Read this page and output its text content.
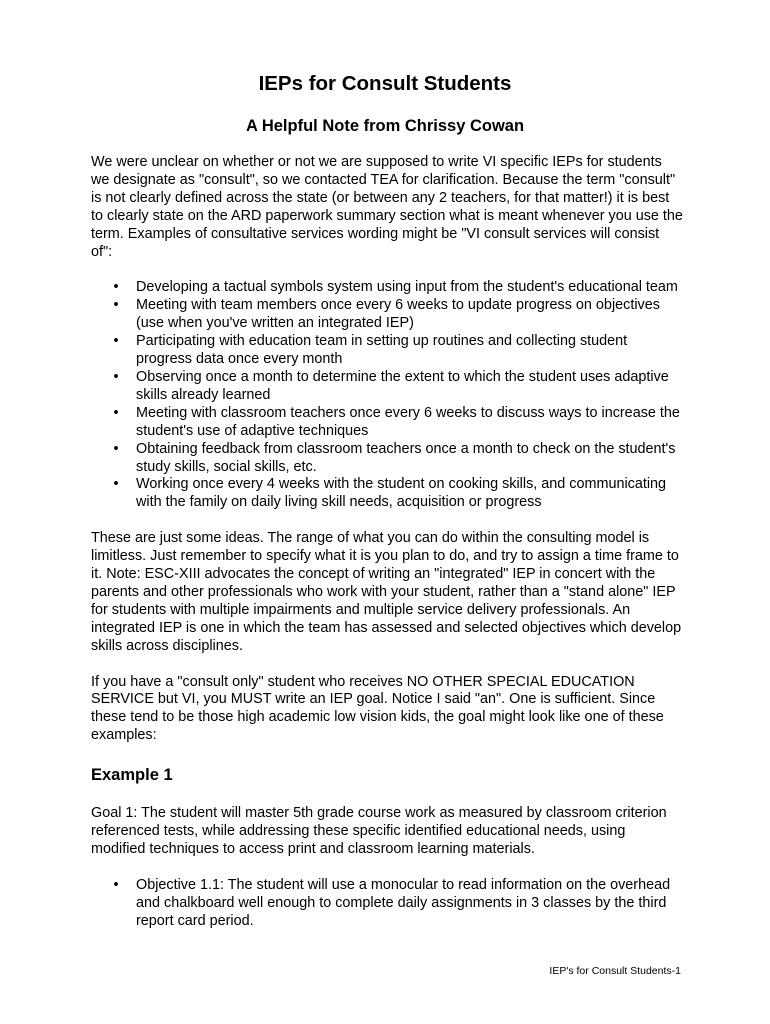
IEPs for Consult Students
A Helpful Note from Chrissy Cowan

We were unclear on whether or not we are supposed to write VI specific IEPs for students we designate as "consult", so we contacted TEA for clarification. Because the term "consult" is not clearly defined across the state (or between any 2 teachers, for that matter!) it is best to clearly state on the ARD paperwork summary section what is meant whenever you use the term. Examples of consultative services wording might be "VI consult services will consist of":

• Developing a tactual symbols system using input from the student's educational team
• Meeting with team members once every 6 weeks to update progress on objectives (use when you've written an integrated IEP)
• Participating with education team in setting up routines and collecting student progress data once every month
• Observing once a month to determine the extent to which the student uses adaptive skills already learned
• Meeting with classroom teachers once every 6 weeks to discuss ways to increase the student's use of adaptive techniques
• Obtaining feedback from classroom teachers once a month to check on the student's study skills, social skills, etc.
• Working once every 4 weeks with the student on cooking skills, and communicating with the family on daily living skill needs, acquisition or progress

These are just some ideas. The range of what you can do within the consulting model is limitless. Just remember to specify what it is you plan to do, and try to assign a time frame to it. Note: ESC-XIII advocates the concept of writing an "integrated" IEP in concert with the parents and other professionals who work with your student, rather than a "stand alone" IEP for students with multiple impairments and multiple service delivery professionals. An integrated IEP is one in which the team has assessed and selected objectives which develop skills across disciplines.

If you have a "consult only" student who receives NO OTHER SPECIAL EDUCATION SERVICE but VI, you MUST write an IEP goal. Notice I said "an". One is sufficient. Since these tend to be those high academic low vision kids, the goal might look like one of these examples:

Example 1

Goal 1: The student will master 5th grade course work as measured by classroom criterion referenced tests, while addressing these specific identified educational needs, using modified techniques to access print and classroom learning materials.

• Objective 1.1: The student will use a monocular to read information on the overhead and chalkboard well enough to complete daily assignments in 3 classes by the third report card period.
IEP's for Consult Students-1
